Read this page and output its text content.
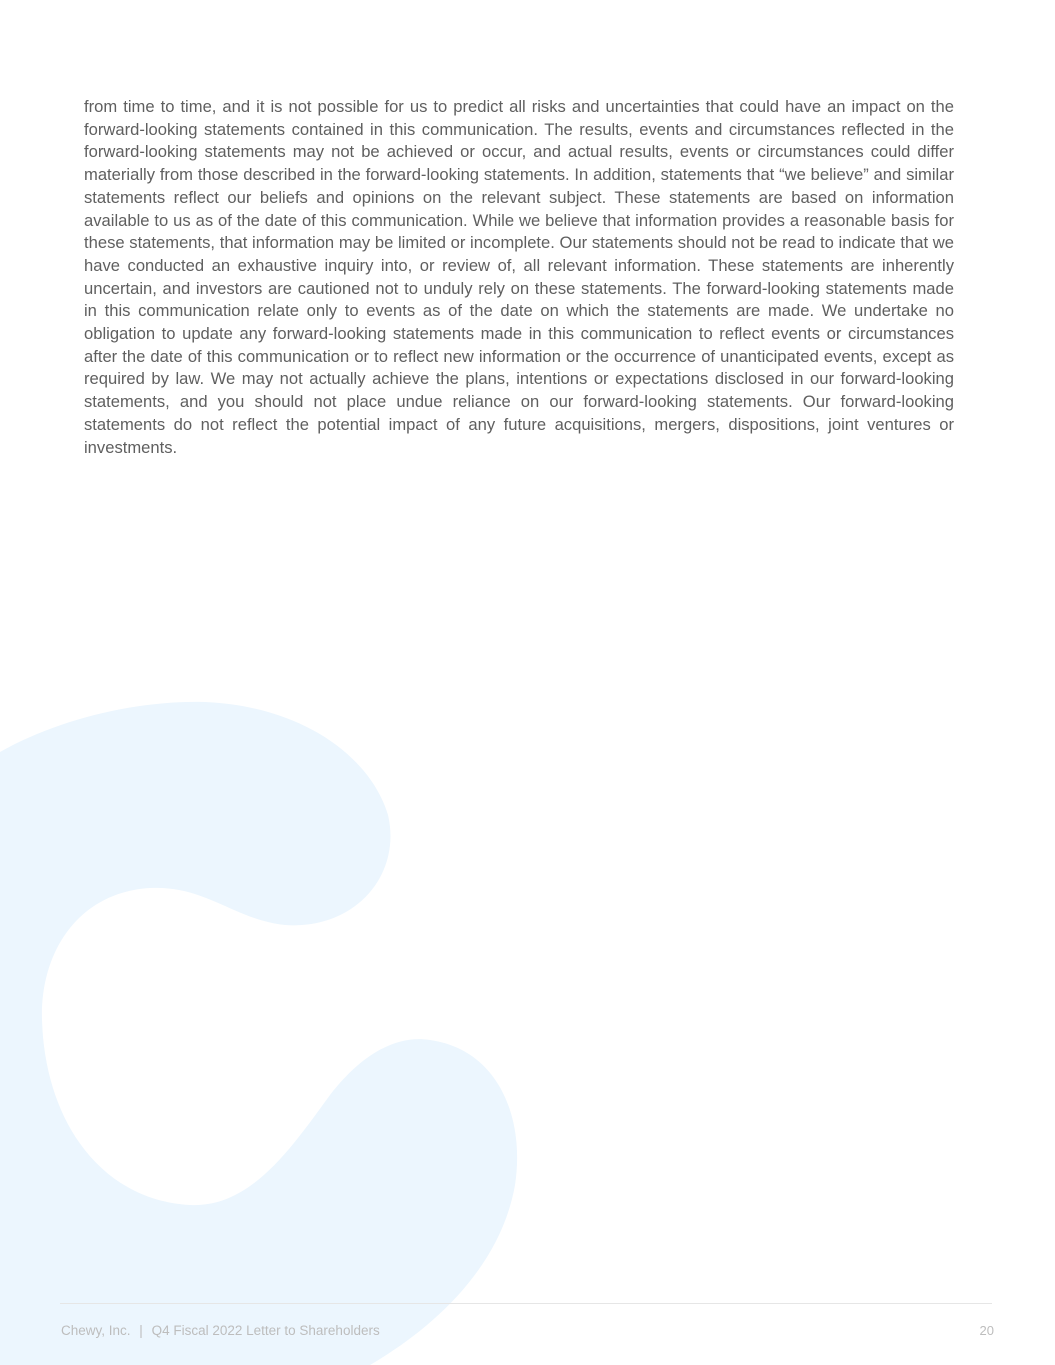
from time to time, and it is not possible for us to predict all risks and uncertainties that could have an impact on the forward-looking statements contained in this communication. The results, events and circumstances reflected in the forward-looking statements may not be achieved or occur, and actual results, events or circumstances could differ materially from those described in the forward-looking statements. In addition, statements that “we believe” and similar statements reflect our beliefs and opinions on the relevant subject. These statements are based on information available to us as of the date of this communication. While we believe that information provides a reasonable basis for these statements, that information may be limited or incomplete. Our statements should not be read to indicate that we have conducted an exhaustive inquiry into, or review of, all relevant information. These statements are inherently uncertain, and investors are cautioned not to unduly rely on these statements. The forward-looking statements made in this communication relate only to events as of the date on which the statements are made. We undertake no obligation to update any forward-looking statements made in this communication to reflect events or circumstances after the date of this communication or to reflect new information or the occurrence of unanticipated events, except as required by law. We may not actually achieve the plans, intentions or expectations disclosed in our forward-looking statements, and you should not place undue reliance on our forward-looking statements. Our forward-looking statements do not reflect the potential impact of any future acquisitions, mergers, dispositions, joint ventures or investments.

Chewy, Inc. | Q4 Fiscal 2022 Letter to Shareholders	20
